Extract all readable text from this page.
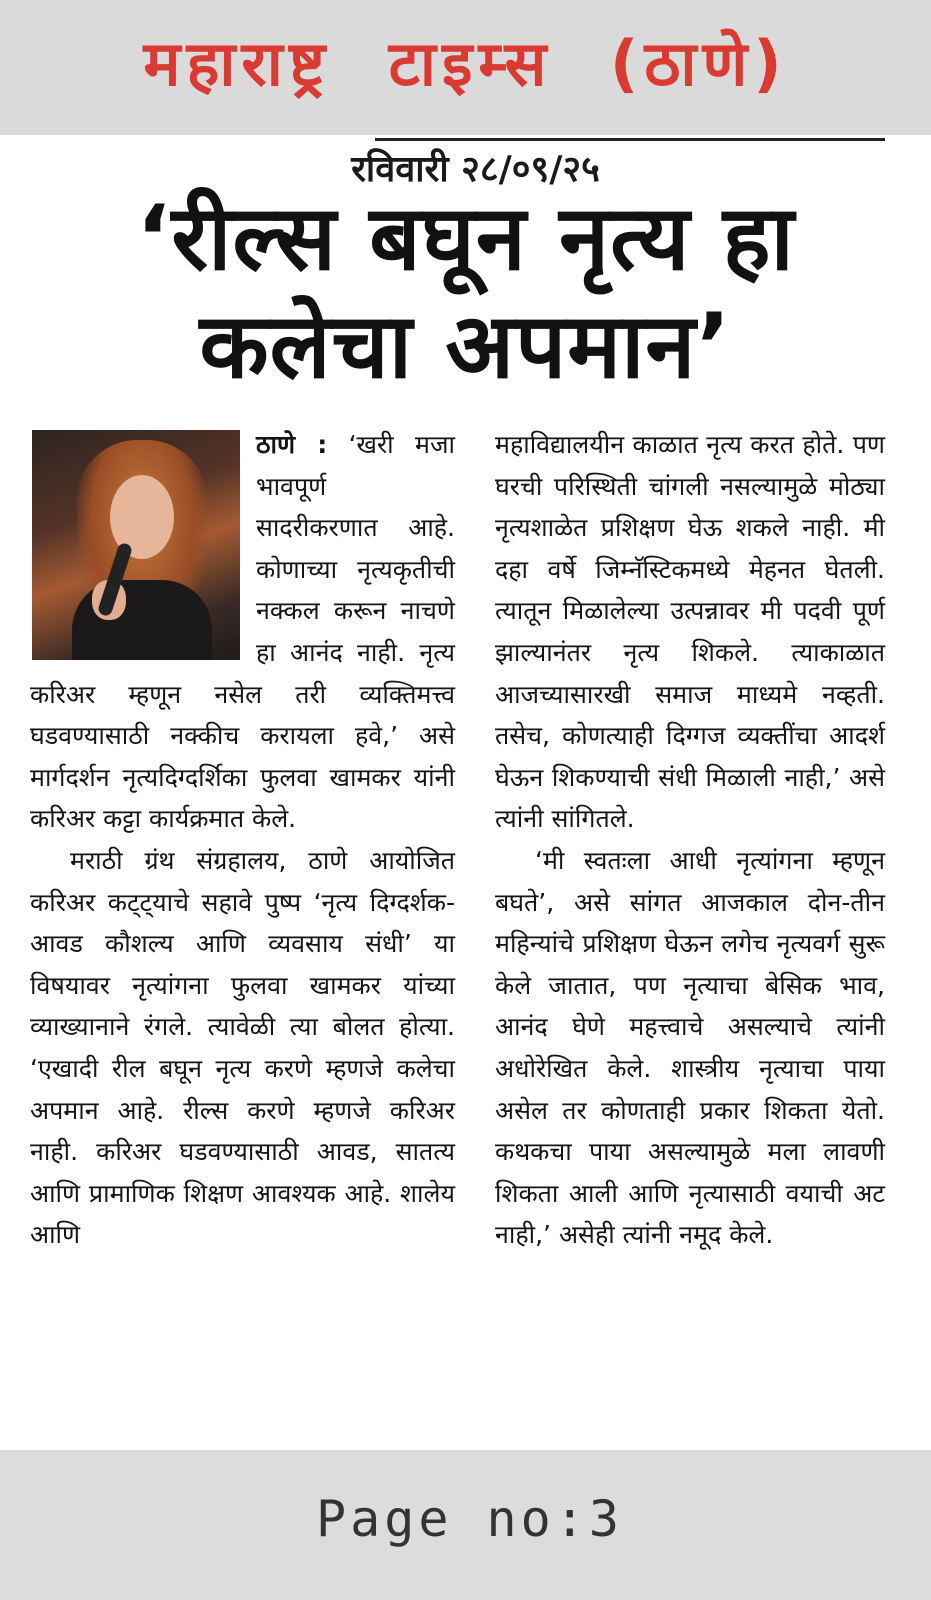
महाराष्ट्र टाइम्स (ठाणे)
रविवारी २८/०९/२५
‘रील्स बघून नृत्य हा कलेचा अपमान’

ठाणे : ‘खरी मजा भावपूर्ण सादरीकरणात आहे. कोणाच्या नृत्यकृतीची नक्कल करून नाचणे हा आनंद नाही. नृत्य करिअर म्हणून नसेल तरी व्यक्तिमत्त्व घडवण्यासाठी नक्कीच करायला हवे,’ असे मार्गदर्शन नृत्यदिग्दर्शिका फुलवा खामकर यांनी करिअर कट्टा कार्यक्रमात केले.

मराठी ग्रंथ संग्रहालय, ठाणे आयोजित करिअर कट्ट्याचे सहावे पुष्प ‘नृत्य दिग्दर्शक-आवड कौशल्य आणि व्यवसाय संधी’ या विषयावर नृत्यांगना फुलवा खामकर यांच्या व्याख्यानाने रंगले. त्यावेळी त्या बोलत होत्या. ‘एखादी रील बघून नृत्य करणे म्हणजे कलेचा अपमान आहे. रील्स करणे म्हणजे करिअर नाही. करिअर घडवण्यासाठी आवड, सातत्य आणि प्रामाणिक शिक्षण आवश्यक आहे. शालेय आणि

महाविद्यालयीन काळात नृत्य करत होते. पण घरची परिस्थिती चांगली नसल्यामुळे मोठ्या नृत्यशाळेत प्रशिक्षण घेऊ शकले नाही. मी दहा वर्षे जिम्नॅस्टिकमध्ये मेहनत घेतली. त्यातून मिळालेल्या उत्पन्नावर मी पदवी पूर्ण झाल्यानंतर नृत्य शिकले. त्याकाळात आजच्यासारखी समाज माध्यमे नव्हती. तसेच, कोणत्याही दिग्गज व्यक्तींचा आदर्श घेऊन शिकण्याची संधी मिळाली नाही,’ असे त्यांनी सांगितले.

‘मी स्वतःला आधी नृत्यांगना म्हणून बघते’, असे सांगत आजकाल दोन-तीन महिन्यांचे प्रशिक्षण घेऊन लगेच नृत्यवर्ग सुरू केले जातात, पण नृत्याचा बेसिक भाव, आनंद घेणे महत्त्वाचे असल्याचे त्यांनी अधोरेखित केले. शास्त्रीय नृत्याचा पाया असेल तर कोणताही प्रकार शिकता येतो. कथकचा पाया असल्यामुळे मला लावणी शिकता आली आणि नृत्यासाठी वयाची अट नाही,’ असेही त्यांनी नमूद केले.

Page no:3
